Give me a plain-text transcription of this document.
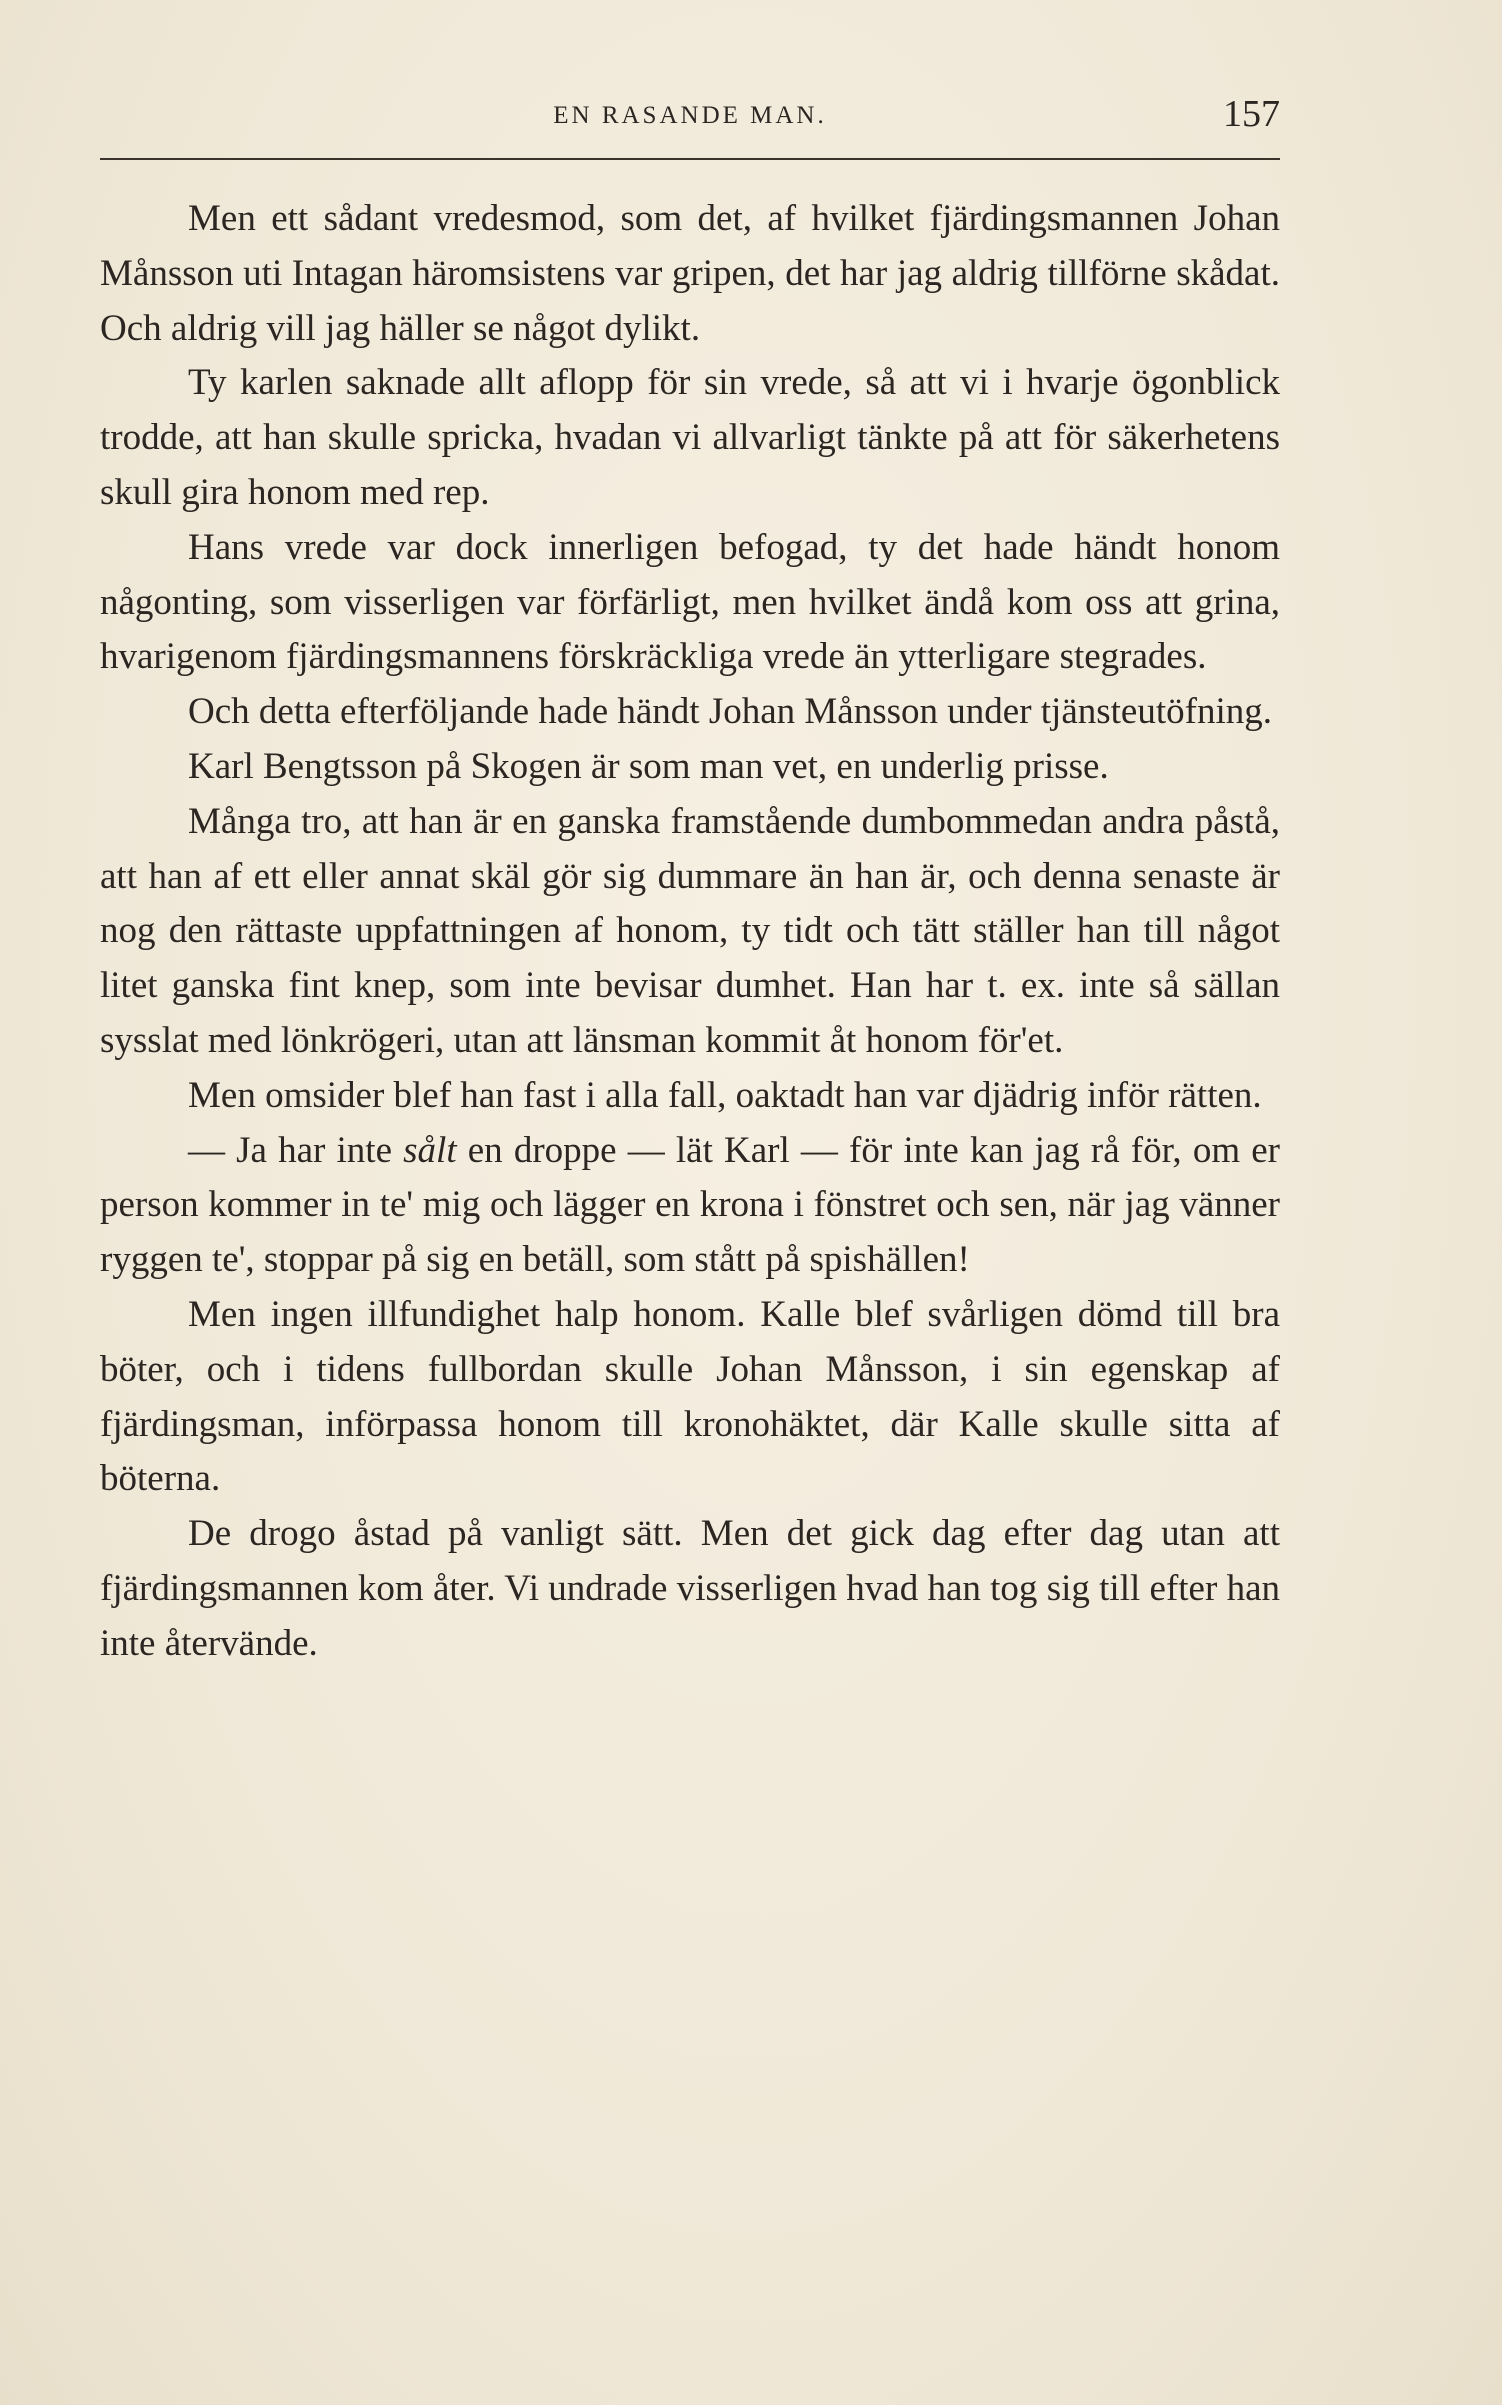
EN RASANDE MAN.	157

Men ett sådant vredesmod, som det, af hvilket fjärdingsmannen Johan Månsson uti Intagan häromsistens var gripen, det har jag aldrig tillförne skådat. Och aldrig vill jag häller se något dylikt.

Ty karlen saknade allt aflopp för sin vrede, så att vi i hvarje ögonblick trodde, att han skulle spricka, hvadan vi allvarligt tänkte på att för säkerhetens skull gira honom med rep.

Hans vrede var dock innerligen befogad, ty det hade händt honom någonting, som visserligen var förfärligt, men hvilket ändå kom oss att grina, hvarigenom fjärdingsmannens förskräckliga vrede än ytterligare stegrades.

Och detta efterföljande hade händt Johan Månsson under tjänsteutöfning.

Karl Bengtsson på Skogen är som man vet, en underlig prisse.

Många tro, att han är en ganska framstående dumbommedan andra påstå, att han af ett eller annat skäl gör sig dummare än han är, och denna senaste är nog den rättaste uppfattningen af honom, ty tidt och tätt ställer han till något litet ganska fint knep, som inte bevisar dumhet. Han har t. ex. inte så sällan sysslat med lönkrögeri, utan att länsman kommit åt honom för'et.

Men omsider blef han fast i alla fall, oaktadt han var djädrig inför rätten.

— Ja har inte sålt en droppe — lät Karl — för inte kan jag rå för, om er person kommer in te' mig och lägger en krona i fönstret och sen, när jag vänner ryggen te', stoppar på sig en betäll, som stått på spishällen!

Men ingen illfundighet halp honom. Kalle blef svårligen dömd till bra böter, och i tidens fullbordan skulle Johan Månsson, i sin egenskap af fjärdingsman, införpassa honom till kronohäktet, där Kalle skulle sitta af böterna.

De drogo åstad på vanligt sätt. Men det gick dag efter dag utan att fjärdingsmannen kom åter. Vi undrade visserligen hvad han tog sig till efter han inte återvände.
